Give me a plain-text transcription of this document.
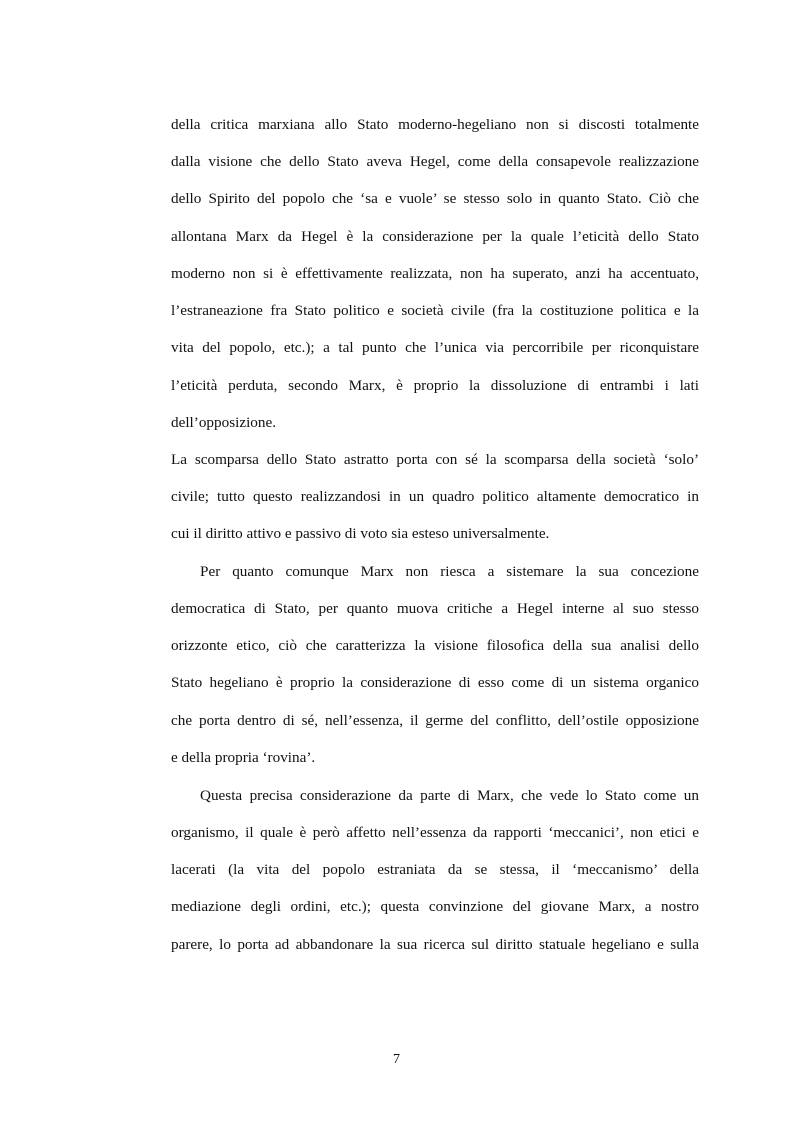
della critica marxiana allo Stato moderno-hegeliano non si discosti totalmente
dalla visione che dello Stato aveva Hegel, come della consapevole realizzazione
dello Spirito del popolo che ‘sa e vuole’ se stesso solo in quanto Stato. Ciò che
allontana Marx da Hegel è la considerazione per la quale l’eticità dello Stato
moderno non si è effettivamente realizzata, non ha superato, anzi ha accentuato,
l’estraneazione fra Stato politico e società civile (fra la costituzione politica e la
vita del popolo, etc.); a tal punto che l’unica via percorribile per riconquistare
l’eticità perduta, secondo Marx, è proprio la dissoluzione di entrambi i lati
dell’opposizione.
La scomparsa dello Stato astratto porta con sé la scomparsa della società ‘solo’
civile; tutto questo realizzandosi in un quadro politico altamente democratico in
cui il diritto attivo e passivo di voto sia esteso universalmente.
Per quanto comunque Marx non riesca a sistemare la sua concezione
democratica di Stato, per quanto muova critiche a Hegel interne al suo stesso
orizzonte etico, ciò che caratterizza la visione filosofica della sua analisi dello
Stato hegeliano è proprio la considerazione di esso come di un sistema organico
che porta dentro di sé, nell’essenza, il germe del conflitto, dell’ostile opposizione
e della propria ‘rovina’.
Questa precisa considerazione da parte di Marx, che vede lo Stato come un
organismo, il quale è però affetto nell’essenza da rapporti ‘meccanici’, non etici e
lacerati (la vita del popolo estraniata da se stessa, il ‘meccanismo’ della
mediazione degli ordini, etc.); questa convinzione del giovane Marx, a nostro
parere, lo porta ad abbandonare la sua ricerca sul diritto statuale hegeliano e sulla
7
